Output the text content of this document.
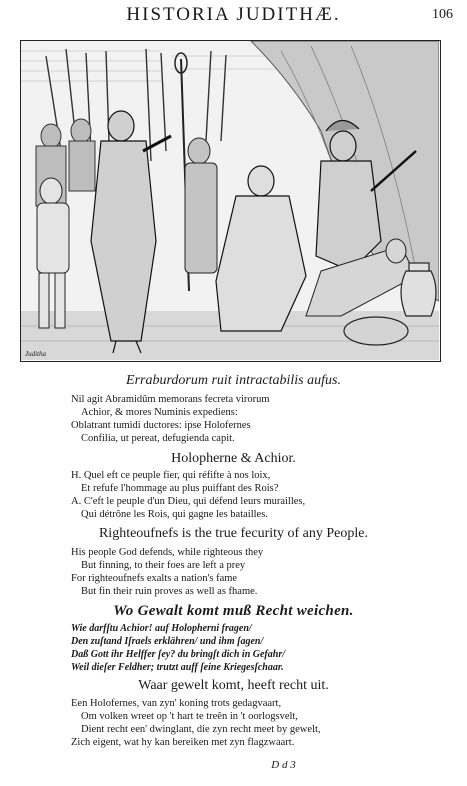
HISTORIA JUDITHÆ.	106
Juditha
Erraburdorum ruit intractabilis aufus.
Nil agit Abramidûm memorans fecreta virorum
Achior, & mores Numinis expediens:
Oblatrant tumidi ductores: ipse Holofernes
Confilia, ut pereat, defugienda capit.
Holopherne & Achior.
H. Quel eft ce peuple fier, qui réfifte à nos loix,
Et refufe l'hommage au plus puiffant des Rois?
A. C'eft le peuple d'un Dieu, qui défend leurs murailles,
Qui détrône les Rois, qui gagne les batailles.
Righteoufnefs is the true fecurity of any People.
His people God defends, while righteous they
But finning, to their foes are left a prey
For righteoufnefs exalts a nation's fame
But fin their ruin proves as well as fhame.
Wo Gewalt komt muß Recht weichen.
Wie darfſtu Achior! auf Holopherni fragen/
Den zuſtand Iſraels erklähren/ und ihm ſagen/
Daß Gott ihr Helffer ſey? du bringſt dich in Gefahr/
Weil dieſer Feldher; trutzt auff ſeine Kriegesſchaar.
Waar gewelt komt, heeft recht uit.
Een Holofernes, van zyn' koning trots gedagvaart,
Om volken wreet op 't hart te treên in 't oorlogsvelt,
Dient recht een' dwinglant, die zyn recht meet by gewelt,
Zich eigent, wat hy kan bereiken met zyn flagzwaart.
D d 3
